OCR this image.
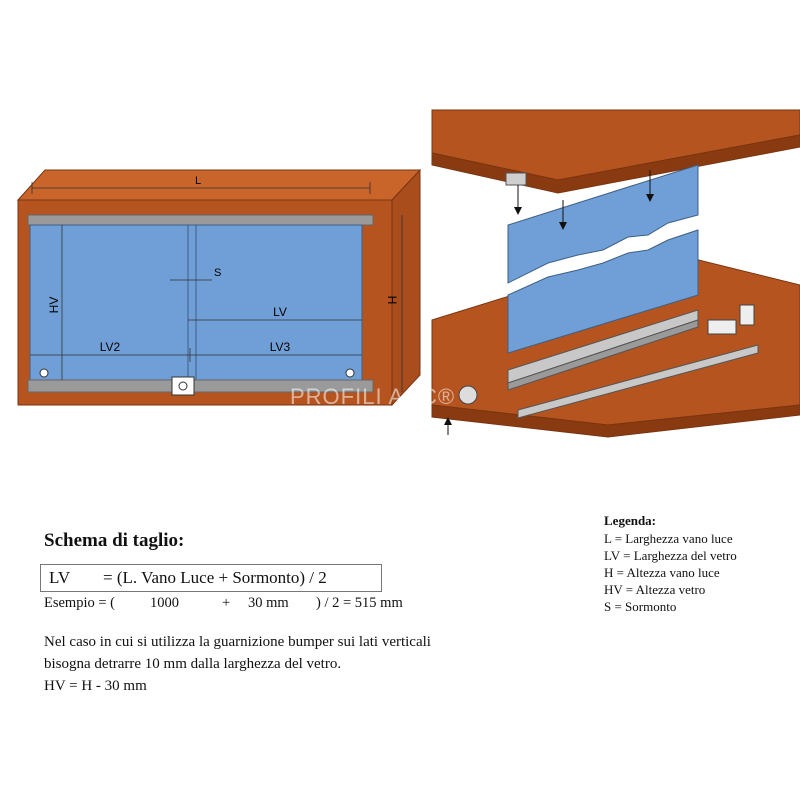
L
S
LV
LV2	LV3
HV	H
PROFILI ACC®
Schema di taglio:
LV = (L. Vano Luce + Sormonto) / 2
Esempio = ( 1000	+ 30 mm ) / 2 = 515 mm
Nel caso in cui si utilizza la guarnizione bumper sui lati verticali
bisogna detrarre 10 mm dalla larghezza del vetro.
HV = H - 30 mm
Legenda:
L = Larghezza vano luce
LV = Larghezza del vetro
H = Altezza vano luce
HV = Altezza vetro
S = Sormonto
